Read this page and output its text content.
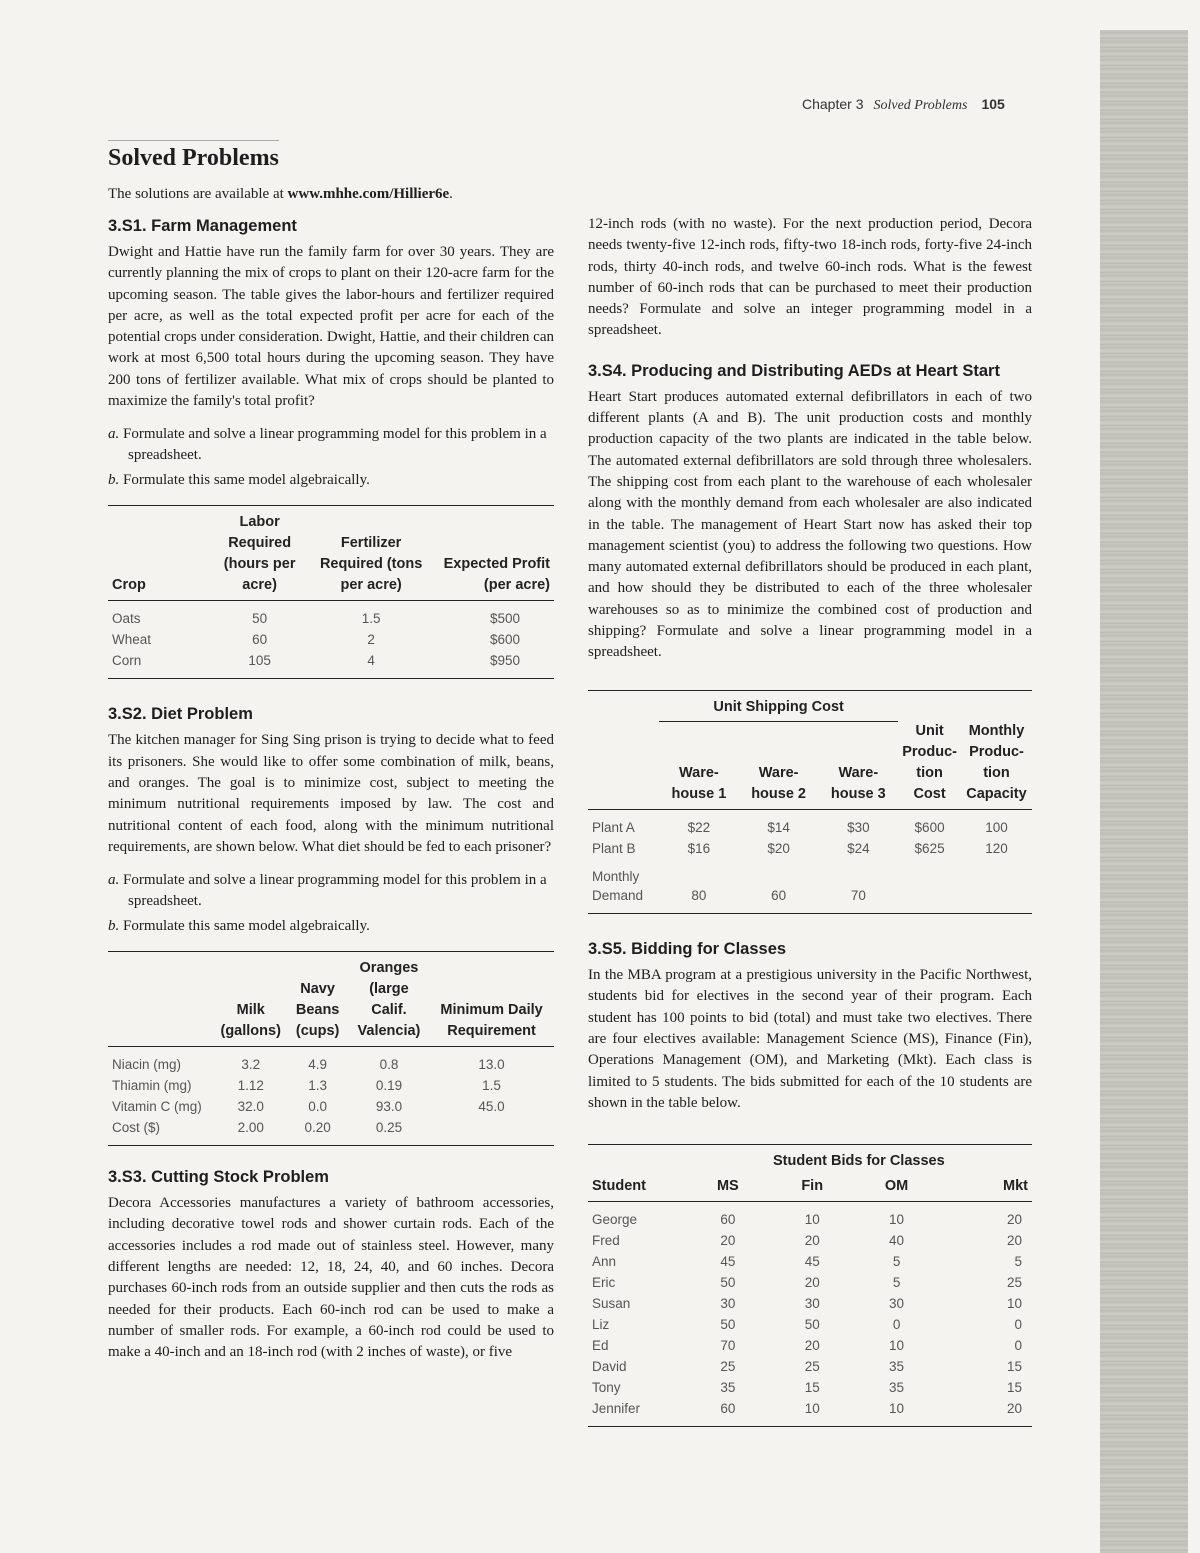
Chapter 3 Solved Problems 105
Solved Problems
The solutions are available at www.mhhe.com/Hillier6e.
3.S1. Farm Management

Dwight and Hattie have run the family farm for over 30 years. They are currently planning the mix of crops to plant on their 120-acre farm for the upcoming season. The table gives the labor-hours and fertilizer required per acre, as well as the total expected profit per acre for each of the potential crops under consideration. Dwight, Hattie, and their children can work at most 6,500 total hours during the upcoming season. They have 200 tons of fertilizer available. What mix of crops should be planted to maximize the family's total profit?

a. Formulate and solve a linear programming model for this problem in a spreadsheet.
b. Formulate this same model algebraically.
Crop	Labor Required (hours per acre)	Fertilizer Required (tons per acre)	Expected Profit (per acre)
Oats	50	1.5	$500
Wheat	60	2	$600
Corn	105	4	$950
3.S2. Diet Problem

The kitchen manager for Sing Sing prison is trying to decide what to feed its prisoners. She would like to offer some combination of milk, beans, and oranges. The goal is to minimize cost, subject to meeting the minimum nutritional requirements imposed by law. The cost and nutritional content of each food, along with the minimum nutritional requirements, are shown below. What diet should be fed to each prisoner?

a. Formulate and solve a linear programming model for this problem in a spreadsheet.
b. Formulate this same model algebraically.
	Milk (gallons)	Navy Beans (cups)	Oranges (large Calif. Valencia)	Minimum Daily Requirement
Niacin (mg)	3.2	4.9	0.8	13.0
Thiamin (mg)	1.12	1.3	0.19	1.5
Vitamin C (mg)	32.0	0.0	93.0	45.0
Cost ($)	2.00	0.20	0.25	
3.S3. Cutting Stock Problem

Decora Accessories manufactures a variety of bathroom accessories, including decorative towel rods and shower curtain rods. Each of the accessories includes a rod made out of stainless steel. However, many different lengths are needed: 12, 18, 24, 40, and 60 inches. Decora purchases 60-inch rods from an outside supplier and then cuts the rods as needed for their products. Each 60-inch rod can be used to make a number of smaller rods. For example, a 60-inch rod could be used to make a 40-inch and an 18-inch rod (with 2 inches of waste), or five

12-inch rods (with no waste). For the next production period, Decora needs twenty-five 12-inch rods, fifty-two 18-inch rods, forty-five 24-inch rods, thirty 40-inch rods, and twelve 60-inch rods. What is the fewest number of 60-inch rods that can be purchased to meet their production needs? Formulate and solve an integer programming model in a spreadsheet.

3.S4. Producing and Distributing AEDs at Heart Start

Heart Start produces automated external defibrillators in each of two different plants (A and B). The unit production costs and monthly production capacity of the two plants are indicated in the table below. The automated external defibrillators are sold through three wholesalers. The shipping cost from each plant to the warehouse of each wholesaler along with the monthly demand from each wholesaler are also indicated in the table. The management of Heart Start now has asked their top management scientist (you) to address the following two questions. How many automated external defibrillators should be produced in each plant, and how should they be distributed to each of the three wholesaler warehouses so as to minimize the combined cost of production and shipping? Formulate and solve a linear programming model in a spreadsheet.

	Unit Shipping Cost				
	Ware- house 1	Ware- house 2	Ware- house 3	Unit Produc- tion Cost	Monthly Produc- tion Capacity
Plant A	$22	$14	$30	$600	100
Plant B	$16	$20	$24	$625	120
Monthly Demand	80	60	70		
3.S5. Bidding for Classes

In the MBA program at a prestigious university in the Pacific Northwest, students bid for electives in the second year of their program. Each student has 100 points to bid (total) and must take two electives. There are four electives available: Management Science (MS), Finance (Fin), Operations Management (OM), and Marketing (Mkt). Each class is limited to 5 students. The bids submitted for each of the 10 students are shown in the table below.

	Student Bids for Classes			
Student	MS	Fin	OM	Mkt
George	60	10	10	20
Fred	20	20	40	20
Ann	45	45	5	5
Eric	50	20	5	25
Susan	30	30	30	10
Liz	50	50	0	0
Ed	70	20	10	0
David	25	25	35	15
Tony	35	15	35	15
Jennifer	60	10	10	20
